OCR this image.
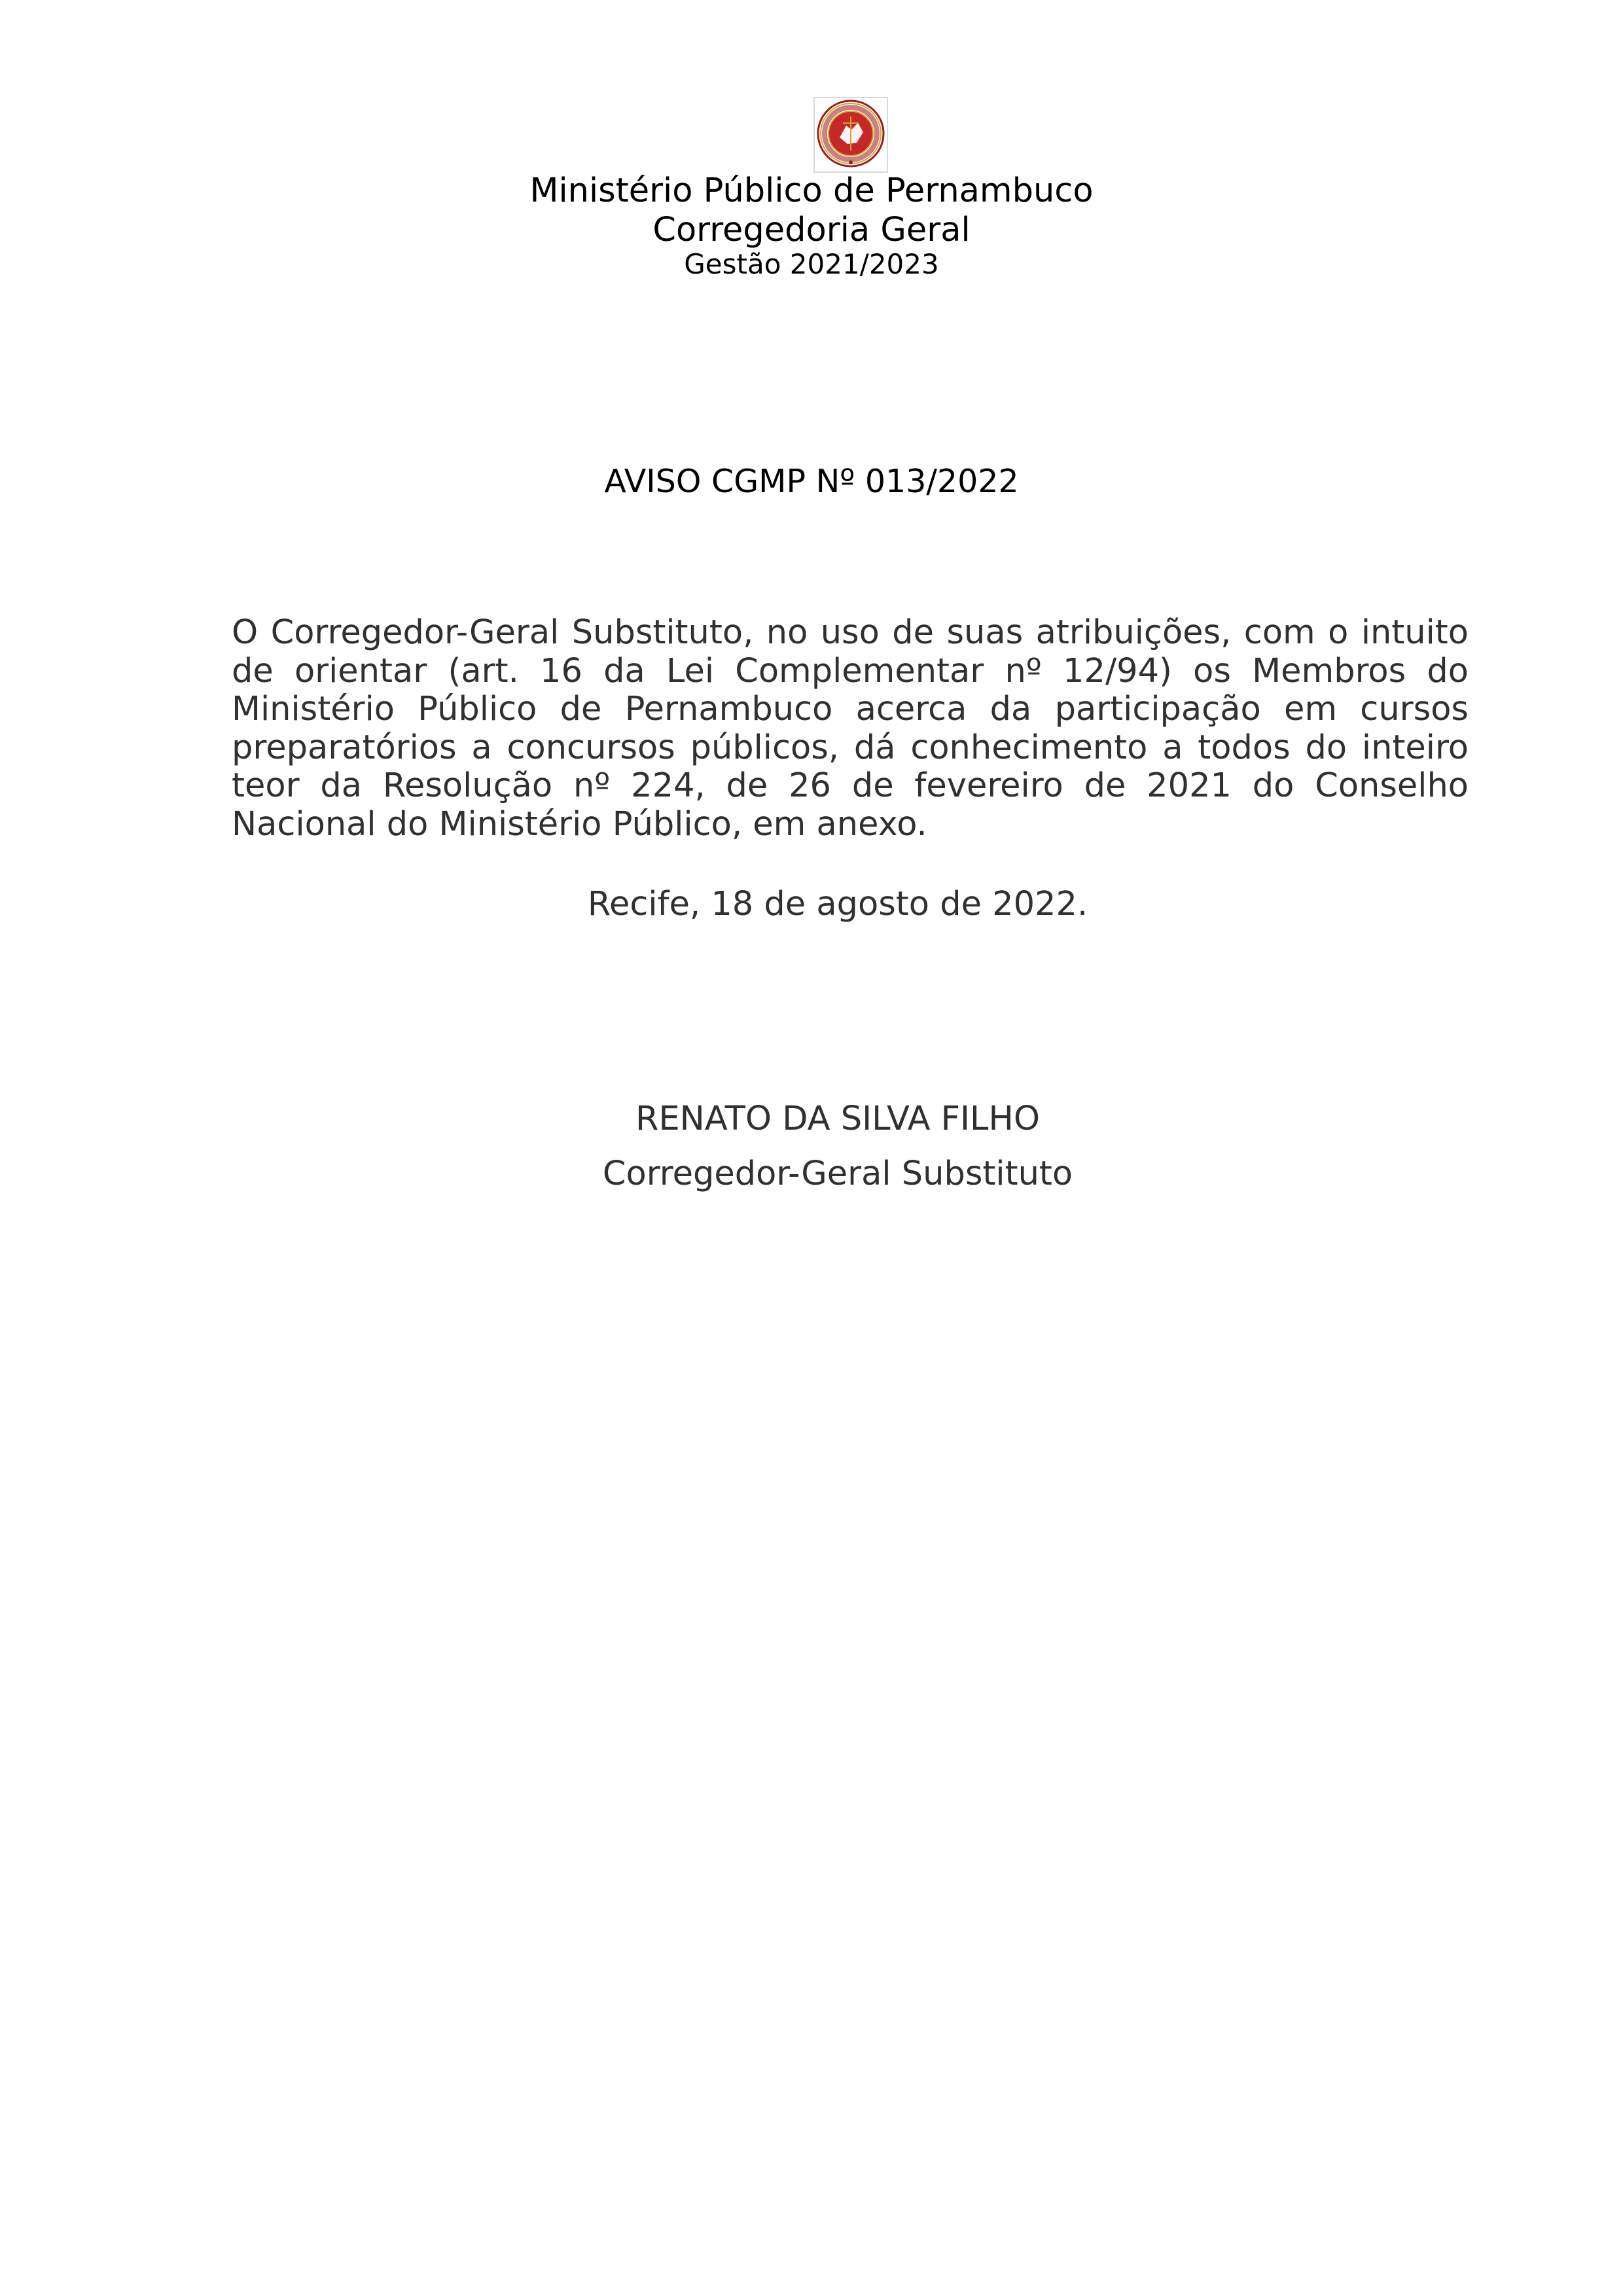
Ministério Público de Pernambuco

Corregedoria Geral

Gestão 2021/2023

AVISO CGMP Nº 013/2022

O Corregedor-Geral Substituto, no uso de suas atribuições, com o intuito de orientar (art. 16 da Lei Complementar nº 12/94) os Membros do Ministério Público de Pernambuco acerca da participação em cursos preparatórios a concursos públicos, dá conhecimento a todos do inteiro teor da Resolução nº 224, de 26 de fevereiro de 2021 do Conselho Nacional do Ministério Público, em anexo.

Recife, 18 de agosto de 2022.

RENATO DA SILVA FILHO

Corregedor-Geral Substituto
